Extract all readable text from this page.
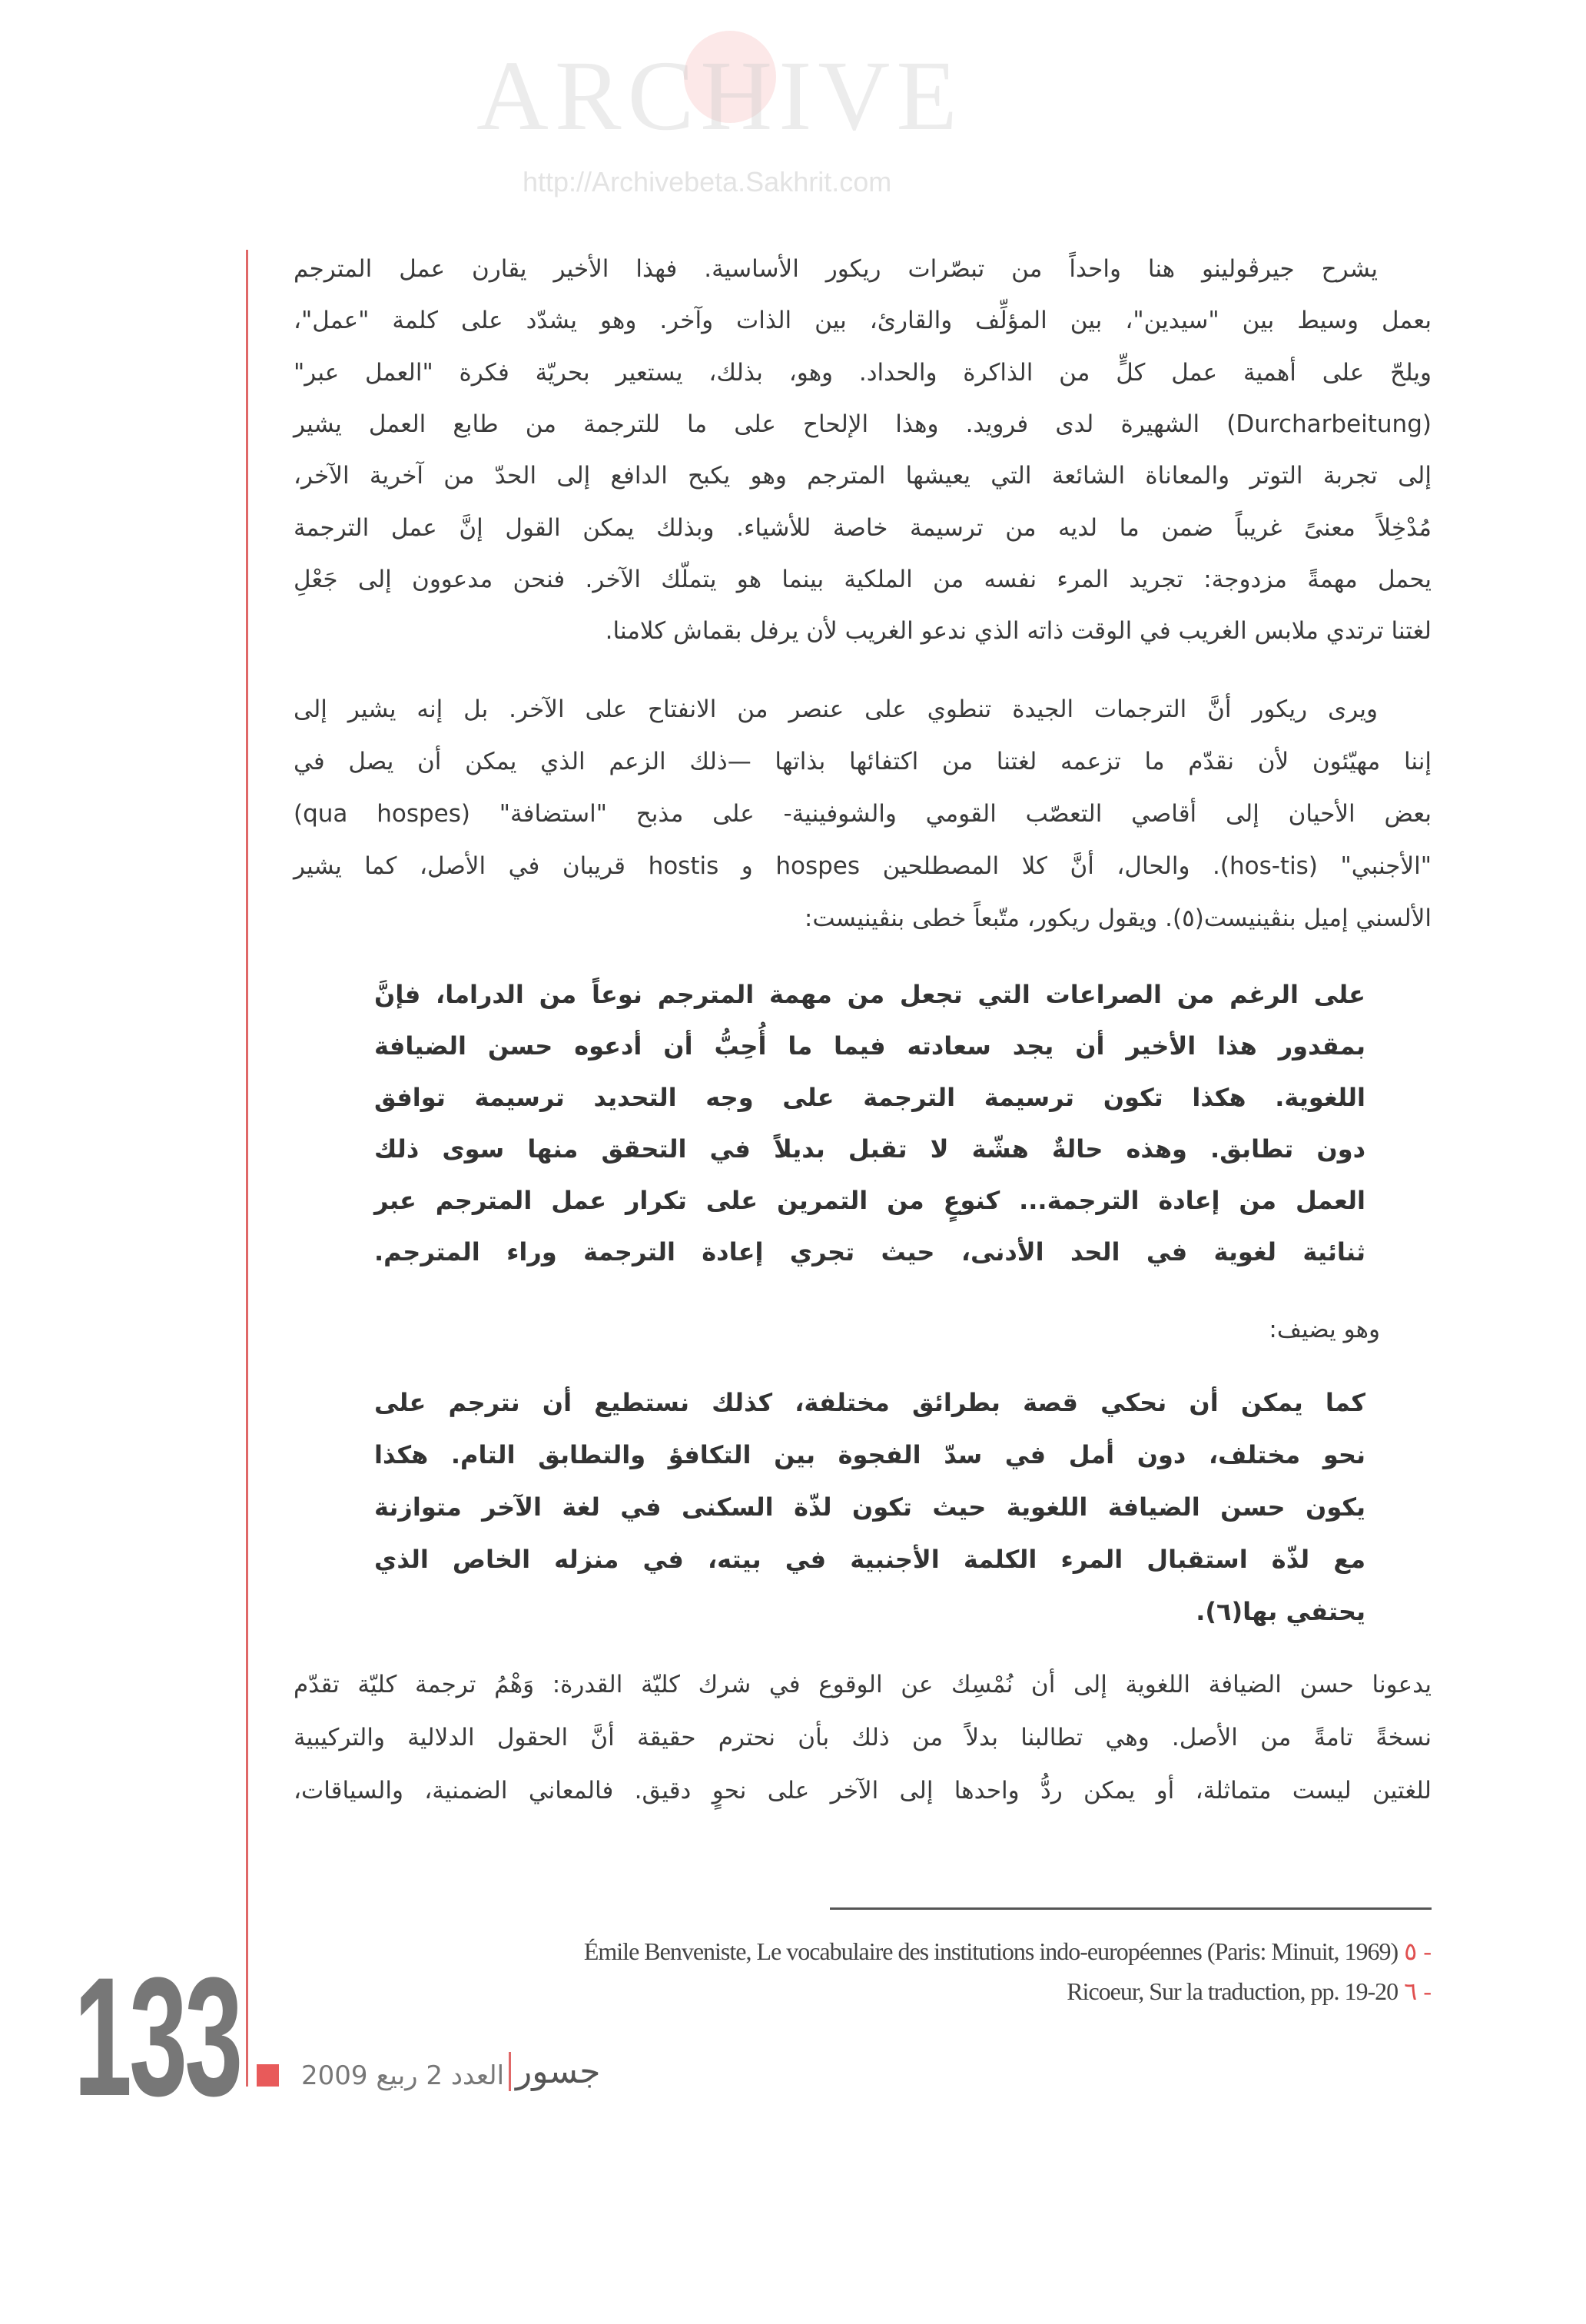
ARCHIVE
http://Archivebeta.Sakhrit.com
يشرح جيرڤولينو هنا واحداً من تبصّرات ريكور الأساسية. فهذا الأخير يقارن عمل المترجم
بعمل وسيط بين "سيدين"، بين المؤلِّف والقارئ، بين الذات وآخر. وهو يشدّد على كلمة "عمل"،
ويلحّ على أهمية عمل كلٍّ من الذاكرة والحداد. وهو، بذلك، يستعير بحريّة فكرة "العمل عبر"
(Durcharbeitung) الشهيرة لدى فرويد. وهذا الإلحاح على ما للترجمة من طابع العمل يشير
إلى تجربة التوتر والمعاناة الشائعة التي يعيشها المترجم وهو يكبح الدافع إلى الحدّ من آخرية الآخر،
مُدْخِلاً معنىً غريباً ضمن ما لديه من ترسيمة خاصة للأشياء. وبذلك يمكن القول إنَّ عمل الترجمة
يحمل مهمةً مزدوجة: تجريد المرء نفسه من الملكية بينما هو يتملّك الآخر. فنحن مدعوون إلى جَعْلِ
لغتنا ترتدي ملابس الغريب في الوقت ذاته الذي ندعو الغريب لأن يرفل بقماش كلامنا.
ويرى ريكور أنَّ الترجمات الجيدة تنطوي على عنصر من الانفتاح على الآخر. بل إنه يشير إلى
إننا مهيّئون لأن نقدّم ما تزعمه لغتنا من اكتفائها بذاتها —ذلك الزعم الذي يمكن أن يصل في
بعض الأحيان إلى أقاصي التعصّب القومي والشوفينية- على مذبح "استضافة" (qua hospes)
"الأجنبي" (hos-tis). والحال، أنَّ كلا المصطلحين hospes و hostis قريبان في الأصل، كما يشير
الألسني إميل بنڤينيست(٥). ويقول ريكور، متّبعاً خطى بنڤينيست:
على الرغم من الصراعات التي تجعل من مهمة المترجم نوعاً من الدراما، فإنَّ
بمقدور هذا الأخير أن يجد سعادته فيما ما أُحِبُّ أن أدعوه حسن الضيافة
اللغوية. هكذا تكون ترسيمة الترجمة على وجه التحديد ترسيمة توافق
دون تطابق. وهذه حالةٌ هشّة لا تقبل بديلاً في التحقق منها سوى ذلك
العمل من إعادة الترجمة... كنوعٍ من التمرين على تكرار عمل المترجم عبر
ثنائية لغوية في الحد الأدنى، حيث تجري إعادة الترجمة وراء المترجم.
وهو يضيف:
كما يمكن أن نحكي قصة بطرائق مختلفة، كذلك نستطيع أن نترجم على
نحو مختلف، دون أمل في سدّ الفجوة بين التكافؤ والتطابق التام. هكذا
يكون حسن الضيافة اللغوية حيث تكون لذّة السكنى في لغة الآخر متوازنة
مع لذّة استقبال المرء الكلمة الأجنبية في بيته، في منزله الخاص الذي
يحتفي بها(٦).
يدعونا حسن الضيافة اللغوية إلى أن نُمْسِك عن الوقوع في شرك كليّة القدرة: وَهْمُ ترجمة كليّة تقدّم
نسخةً تامةً من الأصل. وهي تطالبنا بدلاً من ذلك بأن نحترم حقيقة أنَّ الحقول الدلالية والتركيبية
للغتين ليست متماثلة، أو يمكن ردُّ واحدها إلى الآخر على نحوٍ دقيق. فالمعاني الضمنية، والسياقات،
Émile Benveniste, Le vocabulaire des institutions indo-européennes (Paris: Minuit, 1969) ٥ -
Ricoeur, Sur la traduction, pp. 19-20 ٦ -
133	جسور
العدد 2 ربيع 2009
